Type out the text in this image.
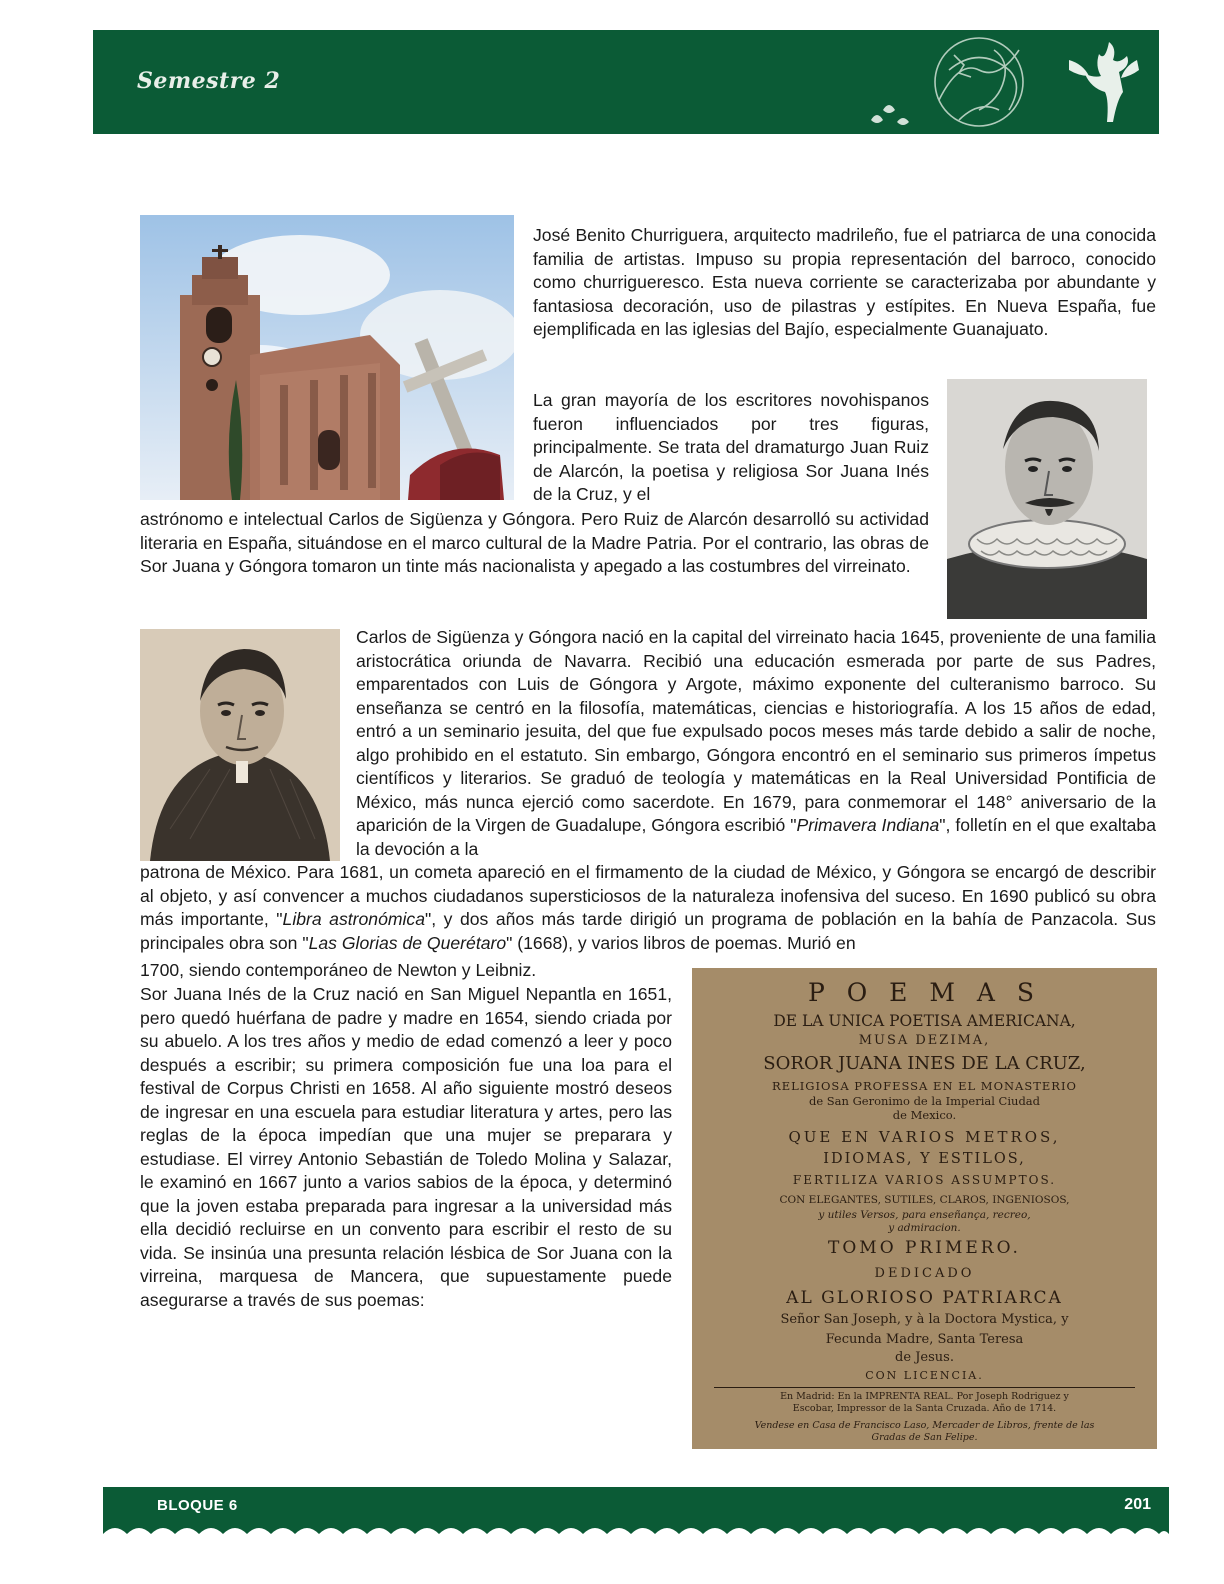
Semestre 2

José Benito Churriguera, arquitecto madrileño, fue el patriarca de una conocida familia de artistas. Impuso su propia representación del barroco, conocido como churrigueresco. Esta nueva corriente se caracterizaba por abundante y fantasiosa decoración, uso de pilastras y estípites. En Nueva España, fue ejemplificada en las iglesias del Bajío, especialmente Guanajuato.

La gran mayoría de los escritores novohispanos fueron influenciados por tres figuras, principalmente. Se trata del dramaturgo Juan Ruiz de Alarcón, la poetisa y religiosa Sor Juana Inés de la Cruz, y el

astrónomo e intelectual Carlos de Sigüenza y Góngora. Pero Ruiz de Alarcón desarrolló su actividad literaria en España, situándose en el marco cultural de la Madre Patria. Por el contrario, las obras de Sor Juana y Góngora tomaron un tinte más nacionalista y apegado a las costumbres del virreinato.

Carlos de Sigüenza y Góngora nació en la capital del virreinato hacia 1645, proveniente de una familia aristocrática oriunda de Navarra. Recibió una educación esmerada por parte de sus Padres, emparentados con Luis de Góngora y Argote, máximo exponente del culteranismo barroco. Su enseñanza se centró en la filosofía, matemáticas, ciencias e historiografía. A los 15 años de edad, entró a un seminario jesuita, del que fue expulsado pocos meses más tarde debido a salir de noche, algo prohibido en el estatuto. Sin embargo, Góngora encontró en el seminario sus primeros ímpetus científicos y literarios. Se graduó de teología y matemáticas en la Real Universidad Pontificia de México, más nunca ejerció como sacerdote. En 1679, para conmemorar el 148° aniversario de la aparición de la Virgen de Guadalupe, Góngora escribió "Primavera Indiana", folletín en el que exaltaba la devoción a la

patrona de México. Para 1681, un cometa apareció en el firmamento de la ciudad de México, y Góngora se encargó de describir al objeto, y así convencer a muchos ciudadanos supersticiosos de la naturaleza inofensiva del suceso. En 1690 publicó su obra más importante, "Libra astronómica", y dos años más tarde dirigió un programa de población en la bahía de Panzacola. Sus principales obra son "Las Glorias de Querétaro" (1668), y varios libros de poemas. Murió en

1700, siendo contemporáneo de Newton y Leibniz.

Sor Juana Inés de la Cruz nació en San Miguel Nepantla en 1651, pero quedó huérfana de padre y madre en 1654, siendo criada por su abuelo. A los tres años y medio de edad comenzó a leer y poco después a escribir; su primera composición fue una loa para el festival de Corpus Christi en 1658. Al año siguiente mostró deseos de ingresar en una escuela para estudiar literatura y artes, pero las reglas de la época impedían que una mujer se preparara y estudiase. El virrey Antonio Sebastián de Toledo Molina y Salazar, le examinó en 1667 junto a varios sabios de la época, y determinó que la joven estaba preparada para ingresar a la universidad más ella decidió recluirse en un convento para escribir el resto de su vida. Se insinúa una presunta relación lésbica de Sor Juana con la virreina, marquesa de Mancera, que supuestamente puede asegurarse a través de sus poemas:

P O E M A S
DE LA UNICA POETISA AMERICANA,
MUSA DEZIMA,
SOROR JUANA INES DE LA CRUZ,
RELIGIOSA PROFESSA EN EL MONASTERIO
de San Geronimo de la Imperial Ciudad
de Mexico.
QUE EN VARIOS METROS,
IDIOMAS, Y ESTILOS,
FERTILIZA VARIOS ASSUMPTOS.
CON ELEGANTES, SUTILES, CLAROS, INGENIOSOS,
y utiles Versos, para enseñança, recreo,
y admiracion.
TOMO PRIMERO.
DEDICADO
AL GLORIOSO PATRIARCA
Señor San Joseph, y à la Doctora Mystica, y
Fecunda Madre, Santa Teresa
de Jesus.
CON LICENCIA.
En Madrid: En la IMPRENTA REAL. Por Joseph Rodriguez y
Escobar, Impressor de la Santa Cruzada. Año de 1714.
Vendese en Casa de Francisco Laso, Mercader de Libros, frente de las
Gradas de San Felipe.
BLOQUE 6	201
